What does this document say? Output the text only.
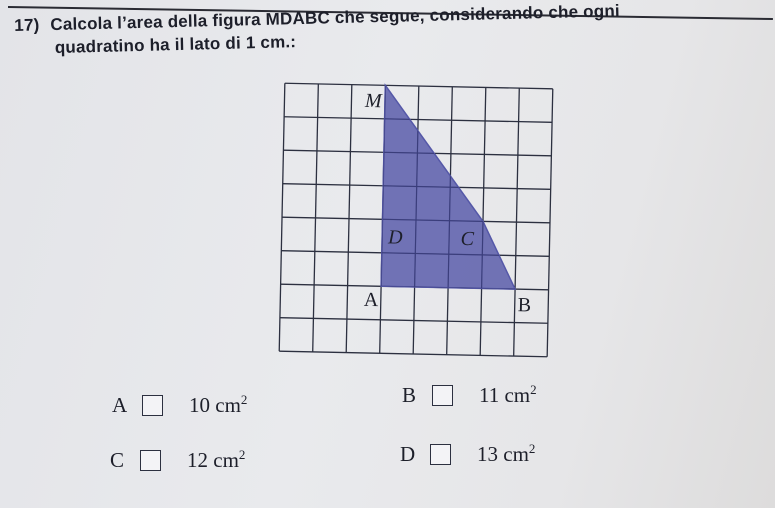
17) Calcola l’area della figura MDABC che segue, considerando che ogni
quadratino ha il lato di 1 cm.:
M
D	C
A	B
A	10 $cm^2$	B	11 $cm^2$
C	12 $cm^2$	D	13 $cm^2$
